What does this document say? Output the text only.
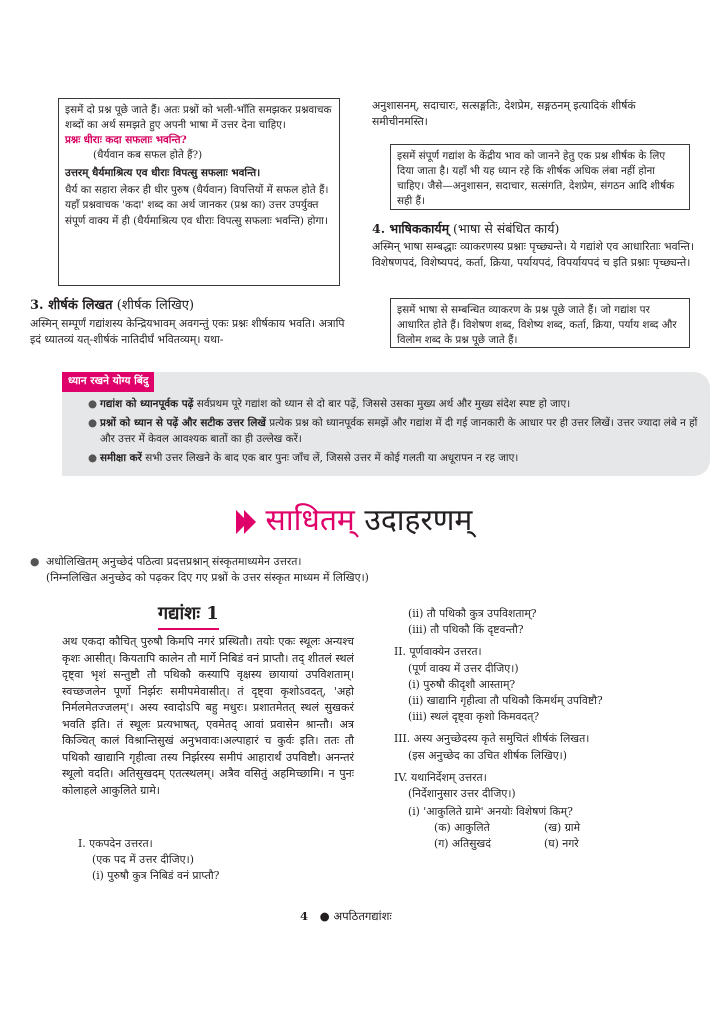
इसमें दो प्रश्न पूछे जाते हैं। अतः प्रश्नों को भली-भाँति समझकर प्रश्नवाचक शब्दों का अर्थ समझते हुए अपनी भाषा में उत्तर देना चाहिए।

प्रश्नः धीराः कदा सफलाः भवन्ति?

(धैर्यवान कब सफल होते हैं?)

उत्तरम् धैर्यमाश्रित्य एव धीराः विपत्सु सफलाः भवन्ति।

धैर्य का सहारा लेकर ही धीर पुरुष (धैर्यवान) विपत्तियों में सफल होते हैं।

यहाँ प्रश्नवाचक 'कदा' शब्द का अर्थ जानकर (प्रश्न का) उत्तर उपर्युक्त संपूर्ण वाक्य में ही (धैर्यमाश्रित्य एव धीराः विपत्सु सफलाः भवन्ति) होगा।

3. शीर्षकं लिखत (शीर्षक लिखिए)

अस्मिन् सम्पूर्णं गद्यांशस्य केन्द्रियभावम् अवगन्तुं एकः प्रश्नः शीर्षकाय भवति। अत्रापि इदं ध्यातव्यं यत्-शीर्षकं नातिदीर्घं भवितव्यम्। यथा-

अनुशासनम्, सदाचारः, सत्सङ्गतिः, देशप्रेम, सङ्गठनम् इत्यादिकं शीर्षकं समीचीनमस्ति।

इसमें संपूर्ण गद्यांश के केंद्रीय भाव को जानने हेतु एक प्रश्न शीर्षक के लिए दिया जाता है। यहाँ भी यह ध्यान रहे कि शीर्षक अधिक लंबा नहीं होना चाहिए। जैसे—अनुशासन, सदाचार, सत्संगति, देशप्रेम, संगठन आदि शीर्षक सही हैं।

4. भाषिककार्यम् (भाषा से संबंधित कार्य)

अस्मिन् भाषा सम्बद्धाः व्याकरणस्य प्रश्नाः पृच्छ्यन्ते। ये गद्यांशे एव आधारिताः भवन्ति। विशेषणपदं, विशेष्यपदं, कर्ता, क्रिया, पर्यायपदं, विपर्यायपदं च इति प्रश्नाः पृच्छ्यन्ते।

इसमें भाषा से सम्बन्धित व्याकरण के प्रश्न पूछे जाते हैं। जो गद्यांश पर आधारित होते हैं। विशेषण शब्द, विशेष्य शब्द, कर्ता, क्रिया, पर्याय शब्द और विलोम शब्द के प्रश्न पूछे जाते हैं।

ध्यान रखने योग्य बिंदु
● गद्यांश को ध्यानपूर्वक पढ़ें सर्वप्रथम पूरे गद्यांश को ध्यान से दो बार पढ़ें, जिससे उसका मुख्य अर्थ और मुख्य संदेश स्पष्ट हो जाए।

● प्रश्नों को ध्यान से पढ़ें और सटीक उत्तर लिखें प्रत्येक प्रश्न को ध्यानपूर्वक समझें और गद्यांश में दी गई जानकारी के आधार पर ही उत्तर लिखें। उत्तर ज्यादा लंबे न हों और उत्तर में केवल आवश्यक बातों का ही उल्लेख करें।

● समीक्षा करें सभी उत्तर लिखने के बाद एक बार पुनः जाँच लें, जिससे उत्तर में कोई गलती या अधूरापन न रह जाए।

साधितम् उदाहरणम्
● अधोलिखितम् अनुच्छेदं पठित्वा प्रदत्तप्रश्नान् संस्कृतमाध्यमेन उत्तरत।

(निम्नलिखित अनुच्छेद को पढ़कर दिए गए प्रश्नों के उत्तर संस्कृत माध्यम में लिखिए।)

गद्यांशः 1

अथ एकदा कौचित् पुरुषौ किमपि नगरं प्रस्थितौ। तयोः एकः स्थूलः अन्यश्च कृशः आसीत्। कियतापि कालेन तौ मार्गे निबिडं वनं प्राप्तौ। तद् शीतलं स्थलं दृष्ट्वा भृशं सन्तुष्टौ तौ पथिकौ कस्यापि वृक्षस्य छायायां उपविशताम्। स्वच्छजलेन पूर्णो निर्झरः समीपमेवासीत्। तं दृष्ट्वा कृशोऽवदत्, 'अहो निर्मलमेतज्जलम्'। अस्य स्वादोऽपि बहु मधुरः। प्रशातमेतत् स्थलं सुखकरं भवति इति। तं स्थूलः प्रत्यभाषत्, एवमेतद् आवां प्रवासेन श्रान्तौ। अत्र किञ्चित् कालं विश्रान्तिसुखं अनुभवावः।अल्पाहारं च कुर्वः इति। ततः तौ पथिकौ खाद्यानि गृहीत्वा तस्य निर्झरस्य समीपं आहारार्थं उपविष्टौ। अनन्तरं स्थूलो वदति। अतिसुखदम् एतत्स्थलम्। अत्रैव वसितुं अहमिच्छामि। न पुनः कोलाहले आकुलिते ग्रामे।

I. एकपदेन उत्तरत।

(एक पद में उत्तर दीजिए।)

(i) पुरुषौ कुत्र निबिडं वनं प्राप्तौ?

(ii) तौ पथिकौ कुत्र उपविशताम्?

(iii) तौ पथिकौ किं दृष्टवन्तौ?

II. पूर्णवाक्येन उत्तरत।

(पूर्ण वाक्य में उत्तर दीजिए।)

(i) पुरुषौ कीदृशौ आस्ताम्?

(ii) खाद्यानि गृहीत्वा तौ पथिकौ किमर्थम् उपविष्टौ?

(iii) स्थलं दृष्ट्वा कृशो किमवदत्?

III. अस्य अनुच्छेदस्य कृते समुचितं शीर्षकं लिखत।

(इस अनुच्छेद का उचित शीर्षक लिखिए।)

IV. यथानिर्देशम् उत्तरत।

(निर्देशानुसार उत्तर दीजिए।)

(i) 'आकुलिते ग्रामे' अनयोः विशेषणं किम्?

(क) आकुलिते	(ख) ग्रामे
(ग) अतिसुखदं	(घ) नगरे
4 ● अपठितगद्यांशः
